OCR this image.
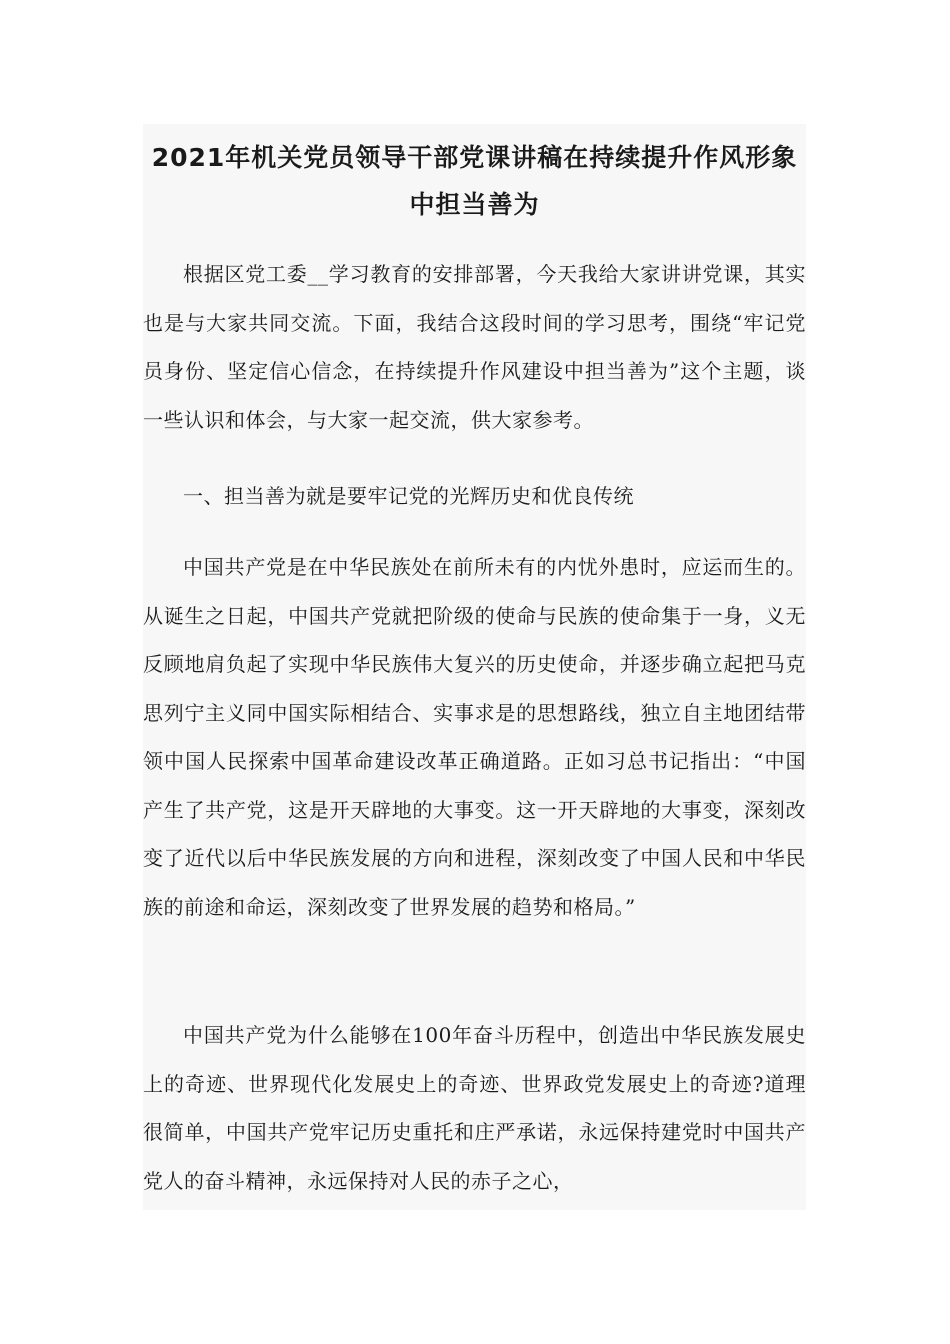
2021年机关党员领导干部党课讲稿在持续提升作风形象中担当善为

根据区党工委__学习教育的安排部署，今天我给大家讲讲党课，其实也是与大家共同交流。下面，我结合这段时间的学习思考，围绕“牢记党员身份、坚定信心信念，在持续提升作风建设中担当善为”这个主题，谈一些认识和体会，与大家一起交流，供大家参考。

一、担当善为就是要牢记党的光辉历史和优良传统

中国共产党是在中华民族处在前所未有的内忧外患时，应运而生的。从诞生之日起，中国共产党就把阶级的使命与民族的使命集于一身，义无反顾地肩负起了实现中华民族伟大复兴的历史使命，并逐步确立起把马克思列宁主义同中国实际相结合、实事求是的思想路线，独立自主地团结带领中国人民探索中国革命建设改革正确道路。正如习总书记指出：“中国产生了共产党，这是开天辟地的大事变。这一开天辟地的大事变，深刻改变了近代以后中华民族发展的方向和进程，深刻改变了中国人民和中华民族的前途和命运，深刻改变了世界发展的趋势和格局。”

中国共产党为什么能够在100年奋斗历程中，创造出中华民族发展史上的奇迹、世界现代化发展史上的奇迹、世界政党发展史上的奇迹?道理很简单，中国共产党牢记历史重托和庄严承诺，永远保持建党时中国共产党人的奋斗精神，永远保持对人民的赤子之心，
